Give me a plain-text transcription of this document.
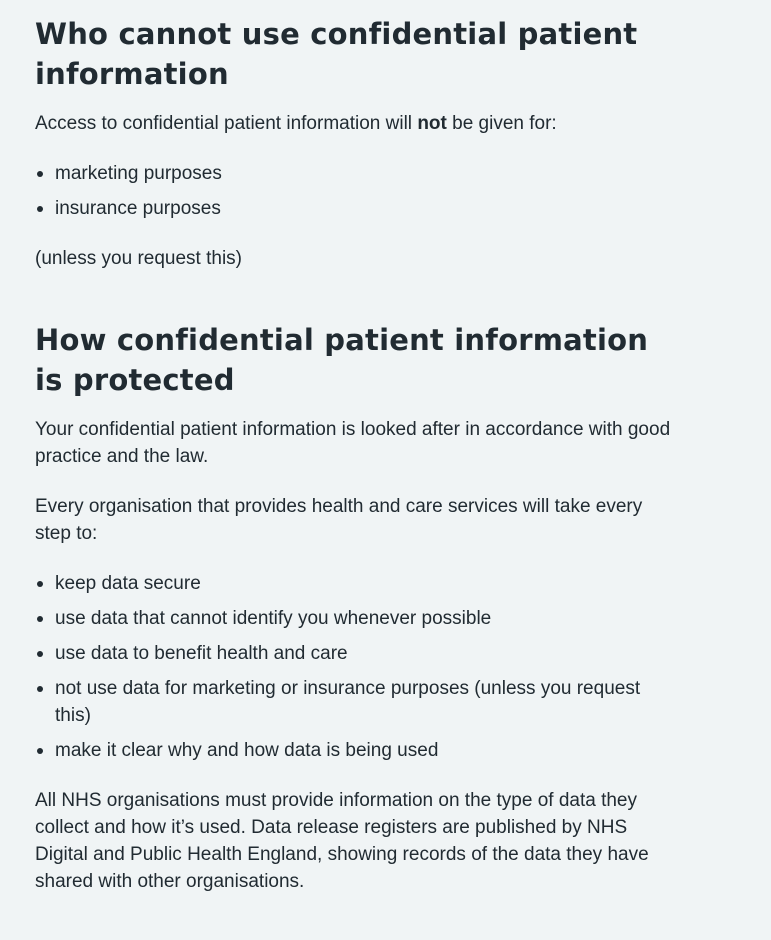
Who cannot use confidential patient information

Access to confidential patient information will not be given for:

marketing purposes
insurance purposes

(unless you request this)

How confidential patient information is protected

Your confidential patient information is looked after in accordance with good practice and the law.

Every organisation that provides health and care services will take every step to:

keep data secure
use data that cannot identify you whenever possible
use data to benefit health and care
not use data for marketing or insurance purposes (unless you request this)
make it clear why and how data is being used

All NHS organisations must provide information on the type of data they collect and how it’s used. Data release registers are published by NHS Digital and Public Health England, showing records of the data they have shared with other organisations.
